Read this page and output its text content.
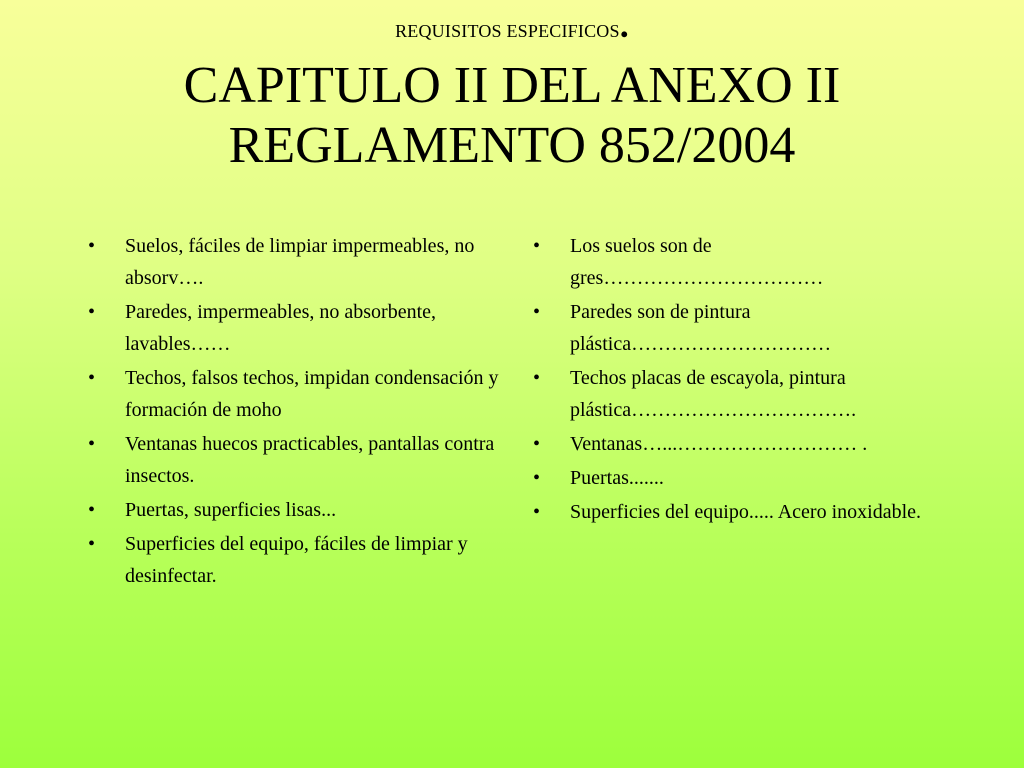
REQUISITOS ESPECIFICOS.
CAPITULO II DEL ANEXO II
REGLAMENTO 852/2004
•	Suelos, fáciles de limpiar impermeables, no absorv….
•	Paredes, impermeables, no absorbente, lavables……
•	Techos, falsos techos, impidan condensación y formación de moho
•	Ventanas huecos practicables, pantallas contra insectos.
•	Puertas, superficies lisas...
•	Superficies del equipo, fáciles de limpiar y desinfectar.
•	Los suelos son de gres……………………………
•	Paredes son de pintura plástica…………………………
•	Techos placas de escayola, pintura plástica…………………………….
•	Ventanas…...……………………… .
•	Puertas.......
•	Superficies del equipo..... Acero inoxidable.
